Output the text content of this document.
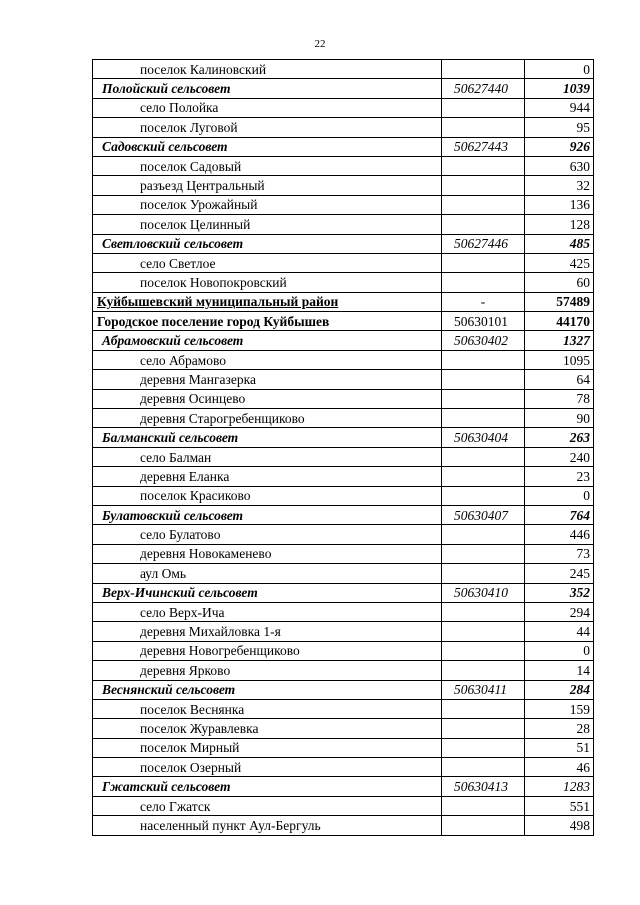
22
поселок Калиновский		0
Полойский сельсовет	50627440	1039
село Полойка		944
поселок Луговой		95
Садовский сельсовет	50627443	926
поселок Садовый		630
разъезд Центральный		32
поселок Урожайный		136
поселок Целинный		128
Светловский сельсовет	50627446	485
село Светлое		425
поселок Новопокровский		60
Куйбышевский муниципальный район	-	57489
Городское поселение город Куйбышев	50630101	44170
Абрамовский сельсовет	50630402	1327
село Абрамово		1095
деревня Мангазерка		64
деревня Осинцево		78
деревня Старогребенщиково		90
Балманский сельсовет	50630404	263
село Балман		240
деревня Еланка		23
поселок Красиково		0
Булатовский сельсовет	50630407	764
село Булатово		446
деревня Новокаменево		73
аул Омь		245
Верх-Ичинский сельсовет	50630410	352
село Верх-Ича		294
деревня Михайловка 1-я		44
деревня Новогребенщиково		0
деревня Ярково		14
Веснянский сельсовет	50630411	284
поселок Веснянка		159
поселок Журавлевка		28
поселок Мирный		51
поселок Озерный		46
Гжатский сельсовет	50630413	1283
село Гжатск		551
населенный пункт Аул-Бергуль		498
